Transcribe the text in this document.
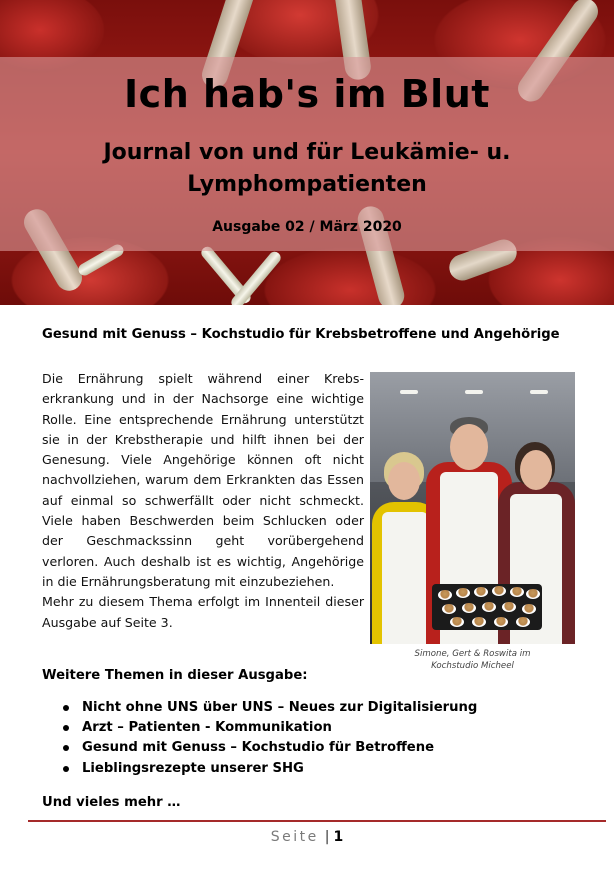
Ich hab's im Blut
Journal von und für Leukämie- u. Lymphompatienten
Ausgabe 02 / März 2020
Gesund mit Genuss – Kochstudio für Krebsbetroffene und Angehörige

Die Ernährung spielt während einer Krebs-erkrankung und in der Nachsorge eine wichtige Rolle. Eine entsprechende Ernährung unterstützt sie in der Krebstherapie und hilft ihnen bei der Genesung. Viele Angehörige können oft nicht nachvollziehen, warum dem Erkrankten das Essen auf einmal so schwerfällt oder nicht schmeckt. Viele haben Beschwerden beim Schlucken oder der Geschmackssinn geht vorübergehend verloren. Auch deshalb ist es wichtig, Angehörige in die Ernährungsberatung mit einzubeziehen.

Mehr zu diesem Thema erfolgt im Innenteil dieser Ausgabe auf Seite 3.

Simone, Gert & Roswita im
Kochstudio Micheel
Weitere Themen in dieser Ausgabe:
Nicht ohne UNS über UNS – Neues zur Digitalisierung
Arzt – Patienten - Kommunikation
Gesund mit Genuss – Kochstudio für Betroffene
Lieblingsrezepte unserer SHG
Und vieles mehr …
Seite | 1
